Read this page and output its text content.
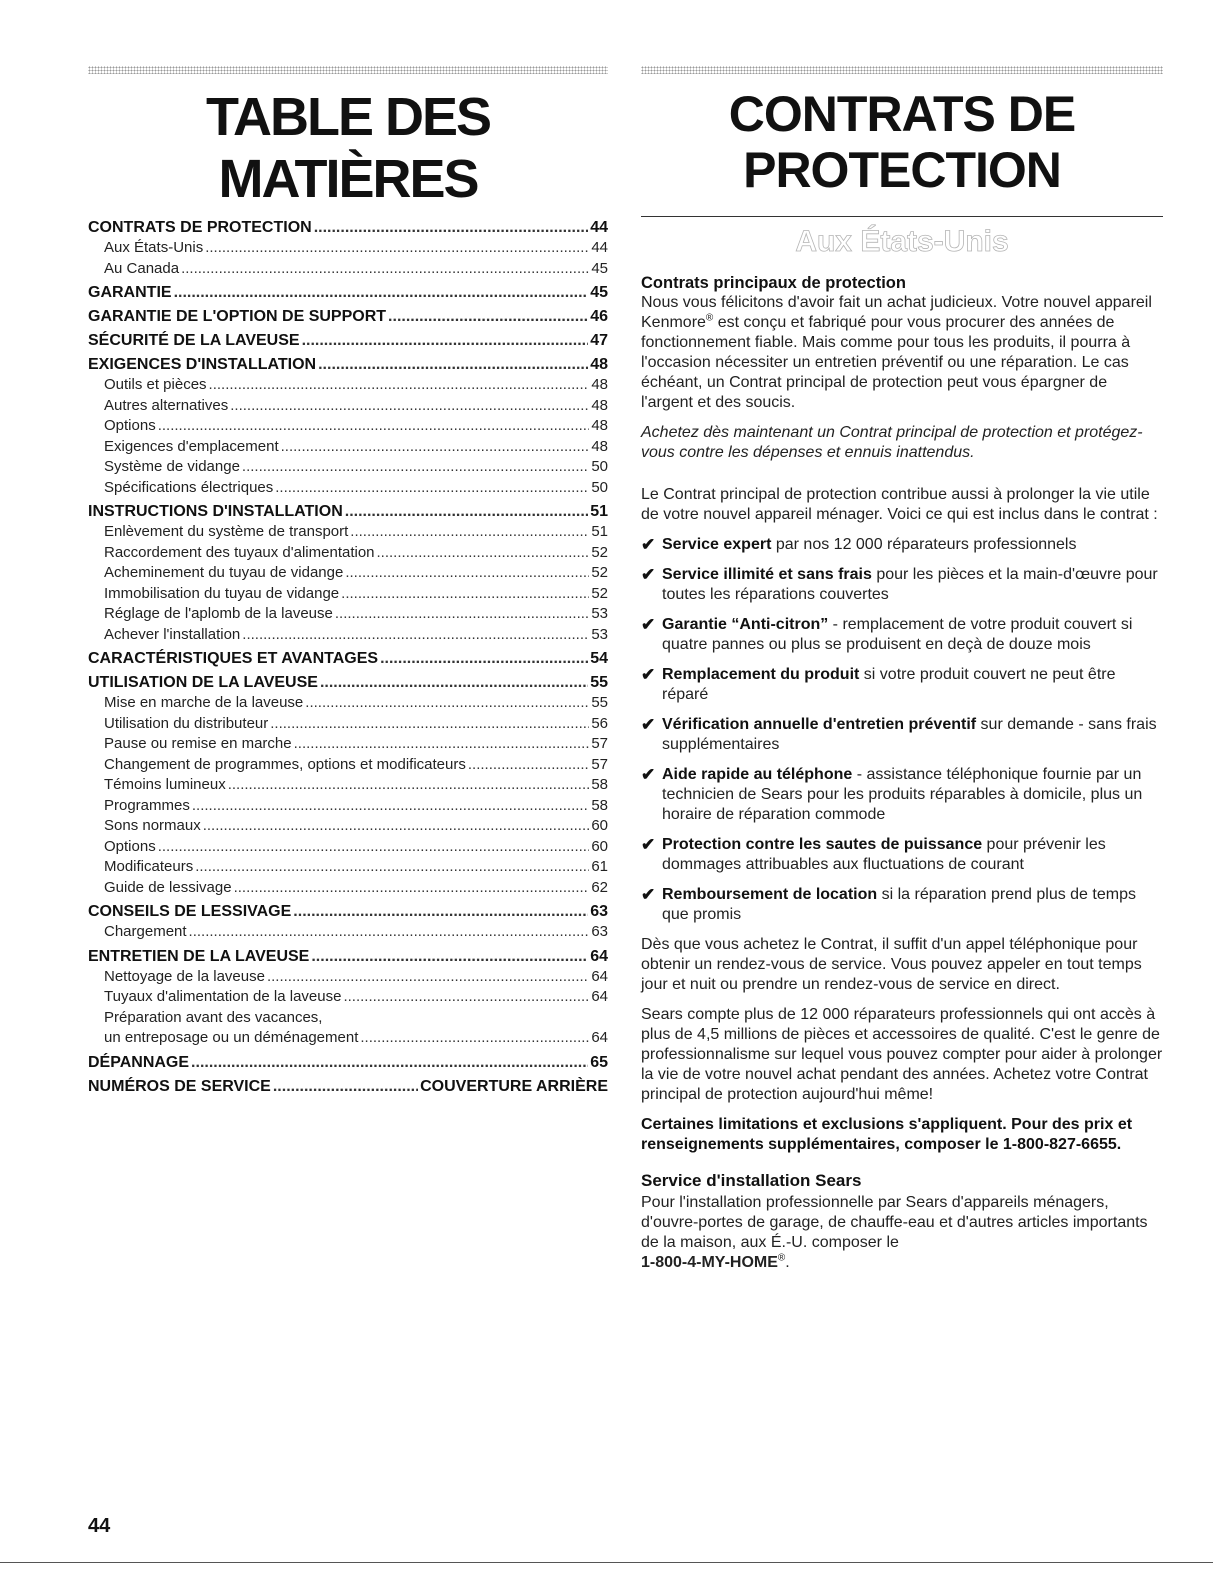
TABLE DES MATIÈRES
CONTRATS DE PROTECTION .....	44
Aux États-Unis .....	44
Au Canada .....	45
GARANTIE .....	45
GARANTIE DE L'OPTION DE SUPPORT .....	46
SÉCURITÉ DE LA LAVEUSE .....	47
EXIGENCES D'INSTALLATION .....	48
Outils et pièces .....	48
Autres alternatives .....	48
Options .....	48
Exigences d'emplacement .....	48
Système de vidange .....	50
Spécifications électriques .....	50
INSTRUCTIONS D'INSTALLATION .....	51
Enlèvement du système de transport .....	51
Raccordement des tuyaux d'alimentation .....	52
Acheminement du tuyau de vidange .....	52
Immobilisation du tuyau de vidange .....	52
Réglage de l'aplomb de la laveuse .....	53
Achever l'installation .....	53
CARACTÉRISTIQUES ET AVANTAGES .....	54
UTILISATION DE LA LAVEUSE .....	55
Mise en marche de la laveuse .....	55
Utilisation du distributeur .....	56
Pause ou remise en marche .....	57
Changement de programmes, options et modificateurs .....	57
Témoins lumineux .....	58
Programmes .....	58
Sons normaux .....	60
Options .....	60
Modificateurs .....	61
Guide de lessivage .....	62
CONSEILS DE LESSIVAGE .....	63
Chargement .....	63
ENTRETIEN DE LA LAVEUSE .....	64
Nettoyage de la laveuse .....	64
Tuyaux d'alimentation de la laveuse .....	64
Préparation avant des vacances,
un entreposage ou un déménagement .....	64
DÉPANNAGE .....	65
NUMÉROS DE SERVICE .....	COUVERTURE ARRIÈRE
CONTRATS DE
PROTECTION
Aux États-Unis

Contrats principaux de protection

Nous vous félicitons d'avoir fait un achat judicieux. Votre nouvel appareil Kenmore® est conçu et fabriqué pour vous procurer des années de fonctionnement fiable. Mais comme pour tous les produits, il pourra à l'occasion nécessiter un entretien préventif ou une réparation. Le cas échéant, un Contrat principal de protection peut vous épargner de l'argent et des soucis.

Achetez dès maintenant un Contrat principal de protection et protégez-vous contre les dépenses et ennuis inattendus.

Le Contrat principal de protection contribue aussi à prolonger la vie utile de votre nouvel appareil ménager. Voici ce qui est inclus dans le contrat :

✔ Service expert par nos 12 000 réparateurs professionnels
✔ Service illimité et sans frais pour les pièces et la main-d'œuvre pour toutes les réparations couvertes
✔ Garantie “Anti-citron” - remplacement de votre produit couvert si quatre pannes ou plus se produisent en deçà de douze mois
✔ Remplacement du produit si votre produit couvert ne peut être réparé
✔ Vérification annuelle d'entretien préventif sur demande - sans frais supplémentaires
✔ Aide rapide au téléphone - assistance téléphonique fournie par un technicien de Sears pour les produits réparables à domicile, plus un horaire de réparation commode
✔ Protection contre les sautes de puissance pour prévenir les dommages attribuables aux fluctuations de courant
✔ Remboursement de location si la réparation prend plus de temps que promis

Dès que vous achetez le Contrat, il suffit d'un appel téléphonique pour obtenir un rendez-vous de service. Vous pouvez appeler en tout temps jour et nuit ou prendre un rendez-vous de service en direct.

Sears compte plus de 12 000 réparateurs professionnels qui ont accès à plus de 4,5 millions de pièces et accessoires de qualité. C'est le genre de professionnalisme sur lequel vous pouvez compter pour aider à prolonger la vie de votre nouvel achat pendant des années. Achetez votre Contrat principal de protection aujourd'hui même!

Certaines limitations et exclusions s'appliquent. Pour des prix et renseignements supplémentaires, composer le 1-800-827-6655.

Service d'installation Sears

Pour l'installation professionnelle par Sears d'appareils ménagers, d'ouvre-portes de garage, de chauffe-eau et d'autres articles importants de la maison, aux É.-U. composer le
1-800-4-MY-HOME®.

44
